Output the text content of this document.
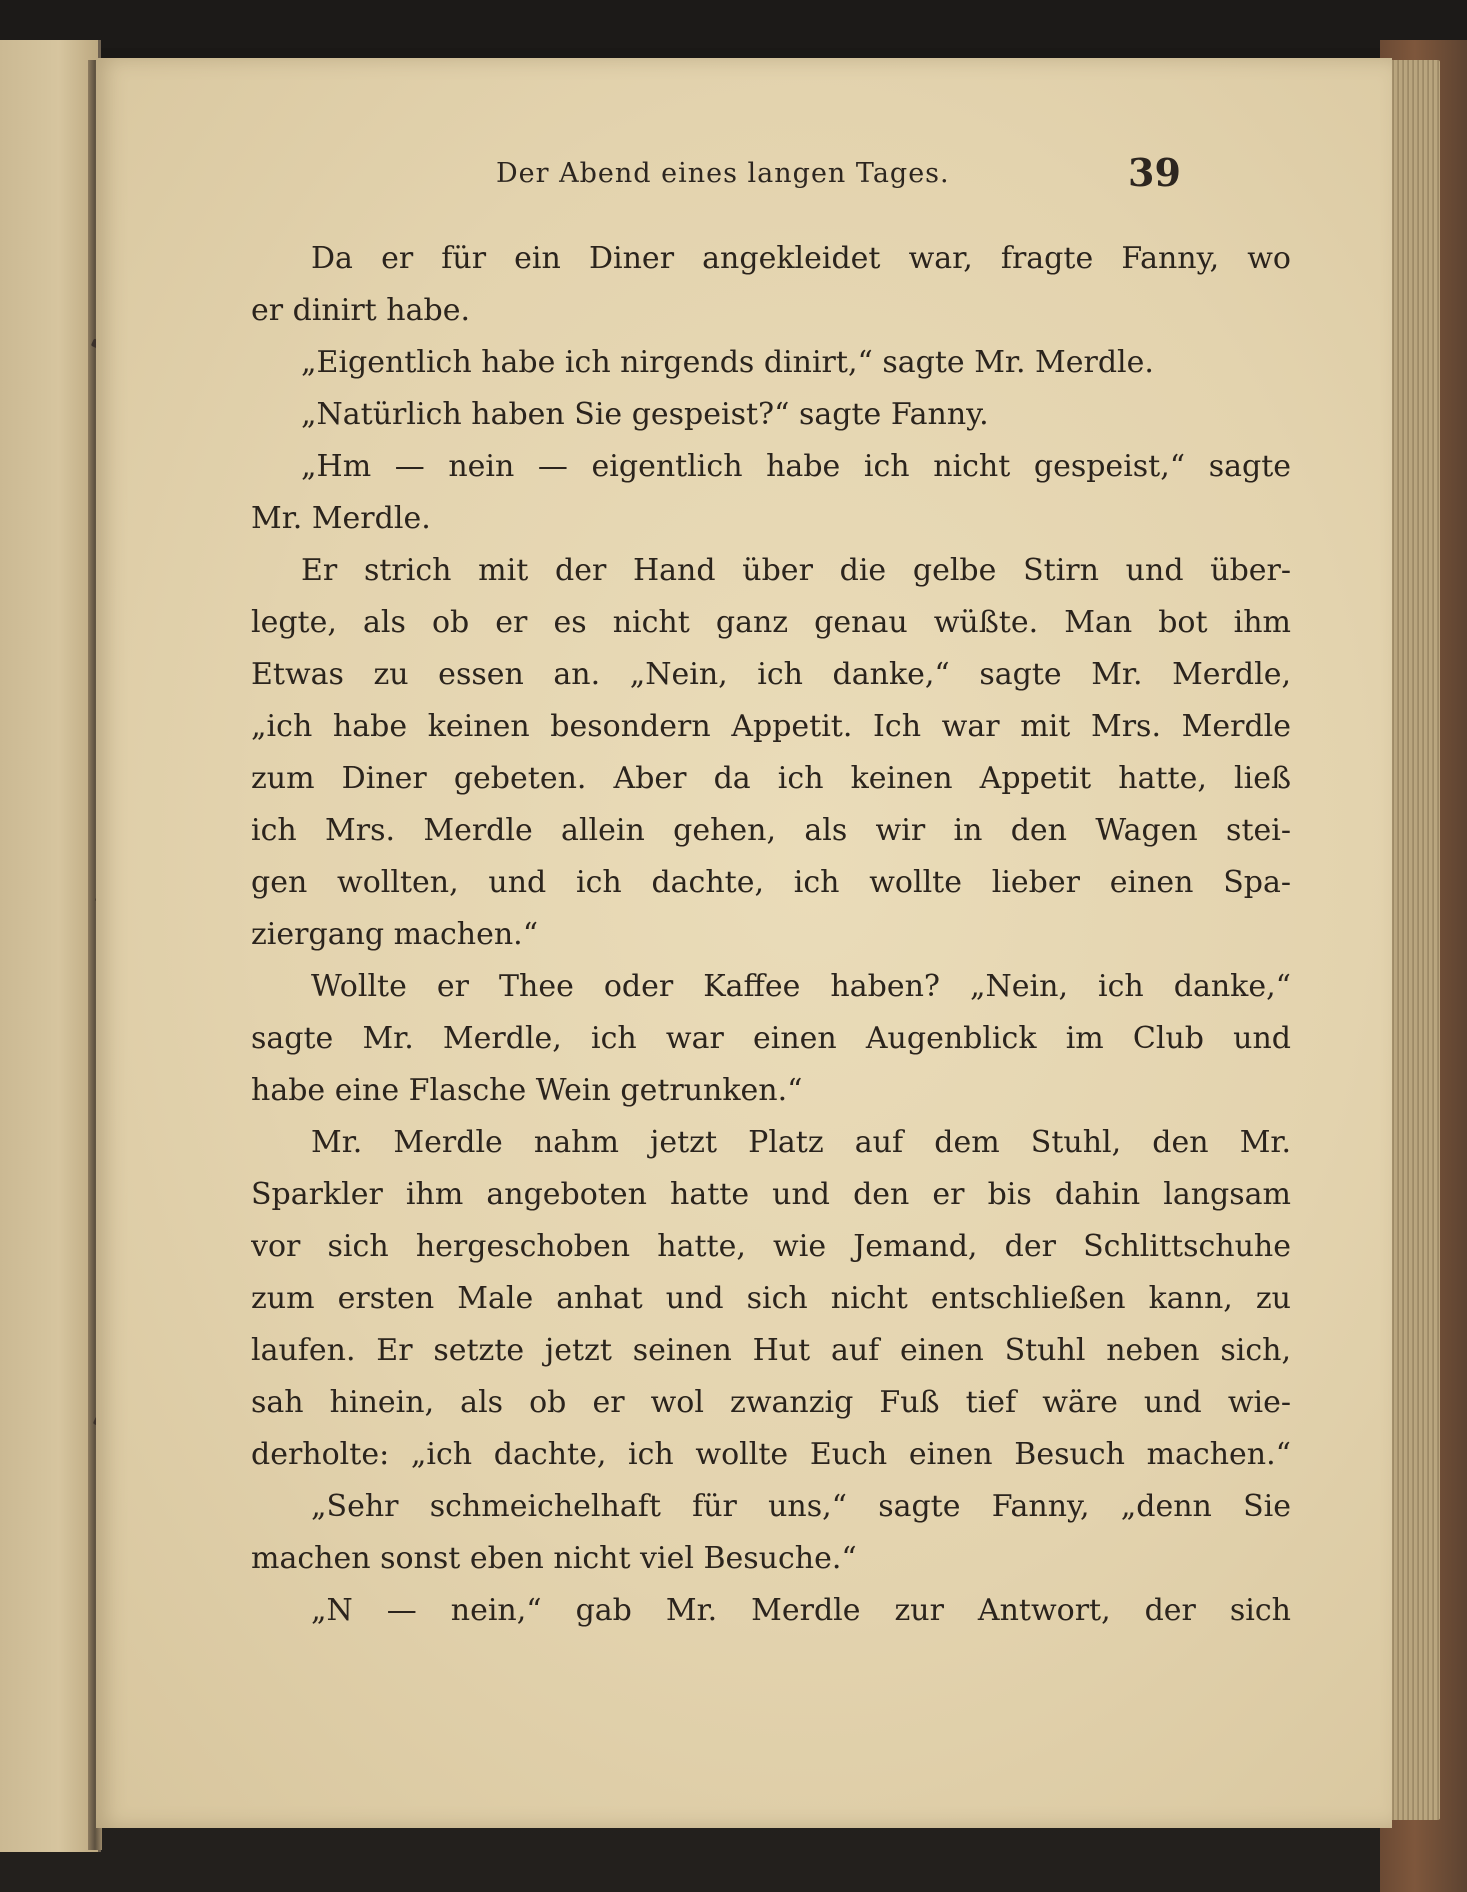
Der Abend eines langen Tages.	39
Da er für ein Diner angekleidet war, fragte Fanny, wo
er dinirt habe.
„Eigentlich habe ich nirgends dinirt,“ sagte Mr. Merdle.
„Natürlich haben Sie gespeist?“ sagte Fanny.
„Hm — nein — eigentlich habe ich nicht gespeist,“ sagte
Mr. Merdle.
Er strich mit der Hand über die gelbe Stirn und über-
legte, als ob er es nicht ganz genau wüßte. Man bot ihm
Etwas zu essen an. „Nein, ich danke,“ sagte Mr. Merdle,
„ich habe keinen besondern Appetit. Ich war mit Mrs. Merdle
zum Diner gebeten. Aber da ich keinen Appetit hatte, ließ
ich Mrs. Merdle allein gehen, als wir in den Wagen stei-
gen wollten, und ich dachte, ich wollte lieber einen Spa-
ziergang machen.“
Wollte er Thee oder Kaffee haben? „Nein, ich danke,“
sagte Mr. Merdle, ich war einen Augenblick im Club und
habe eine Flasche Wein getrunken.“
Mr. Merdle nahm jetzt Platz auf dem Stuhl, den Mr.
Sparkler ihm angeboten hatte und den er bis dahin langsam
vor sich hergeschoben hatte, wie Jemand, der Schlittschuhe
zum ersten Male anhat und sich nicht entschließen kann, zu
laufen. Er setzte jetzt seinen Hut auf einen Stuhl neben sich,
sah hinein, als ob er wol zwanzig Fuß tief wäre und wie-
derholte: „ich dachte, ich wollte Euch einen Besuch machen.“
„Sehr schmeichelhaft für uns,“ sagte Fanny, „denn Sie
machen sonst eben nicht viel Besuche.“
„N — nein,“ gab Mr. Merdle zur Antwort, der sich
